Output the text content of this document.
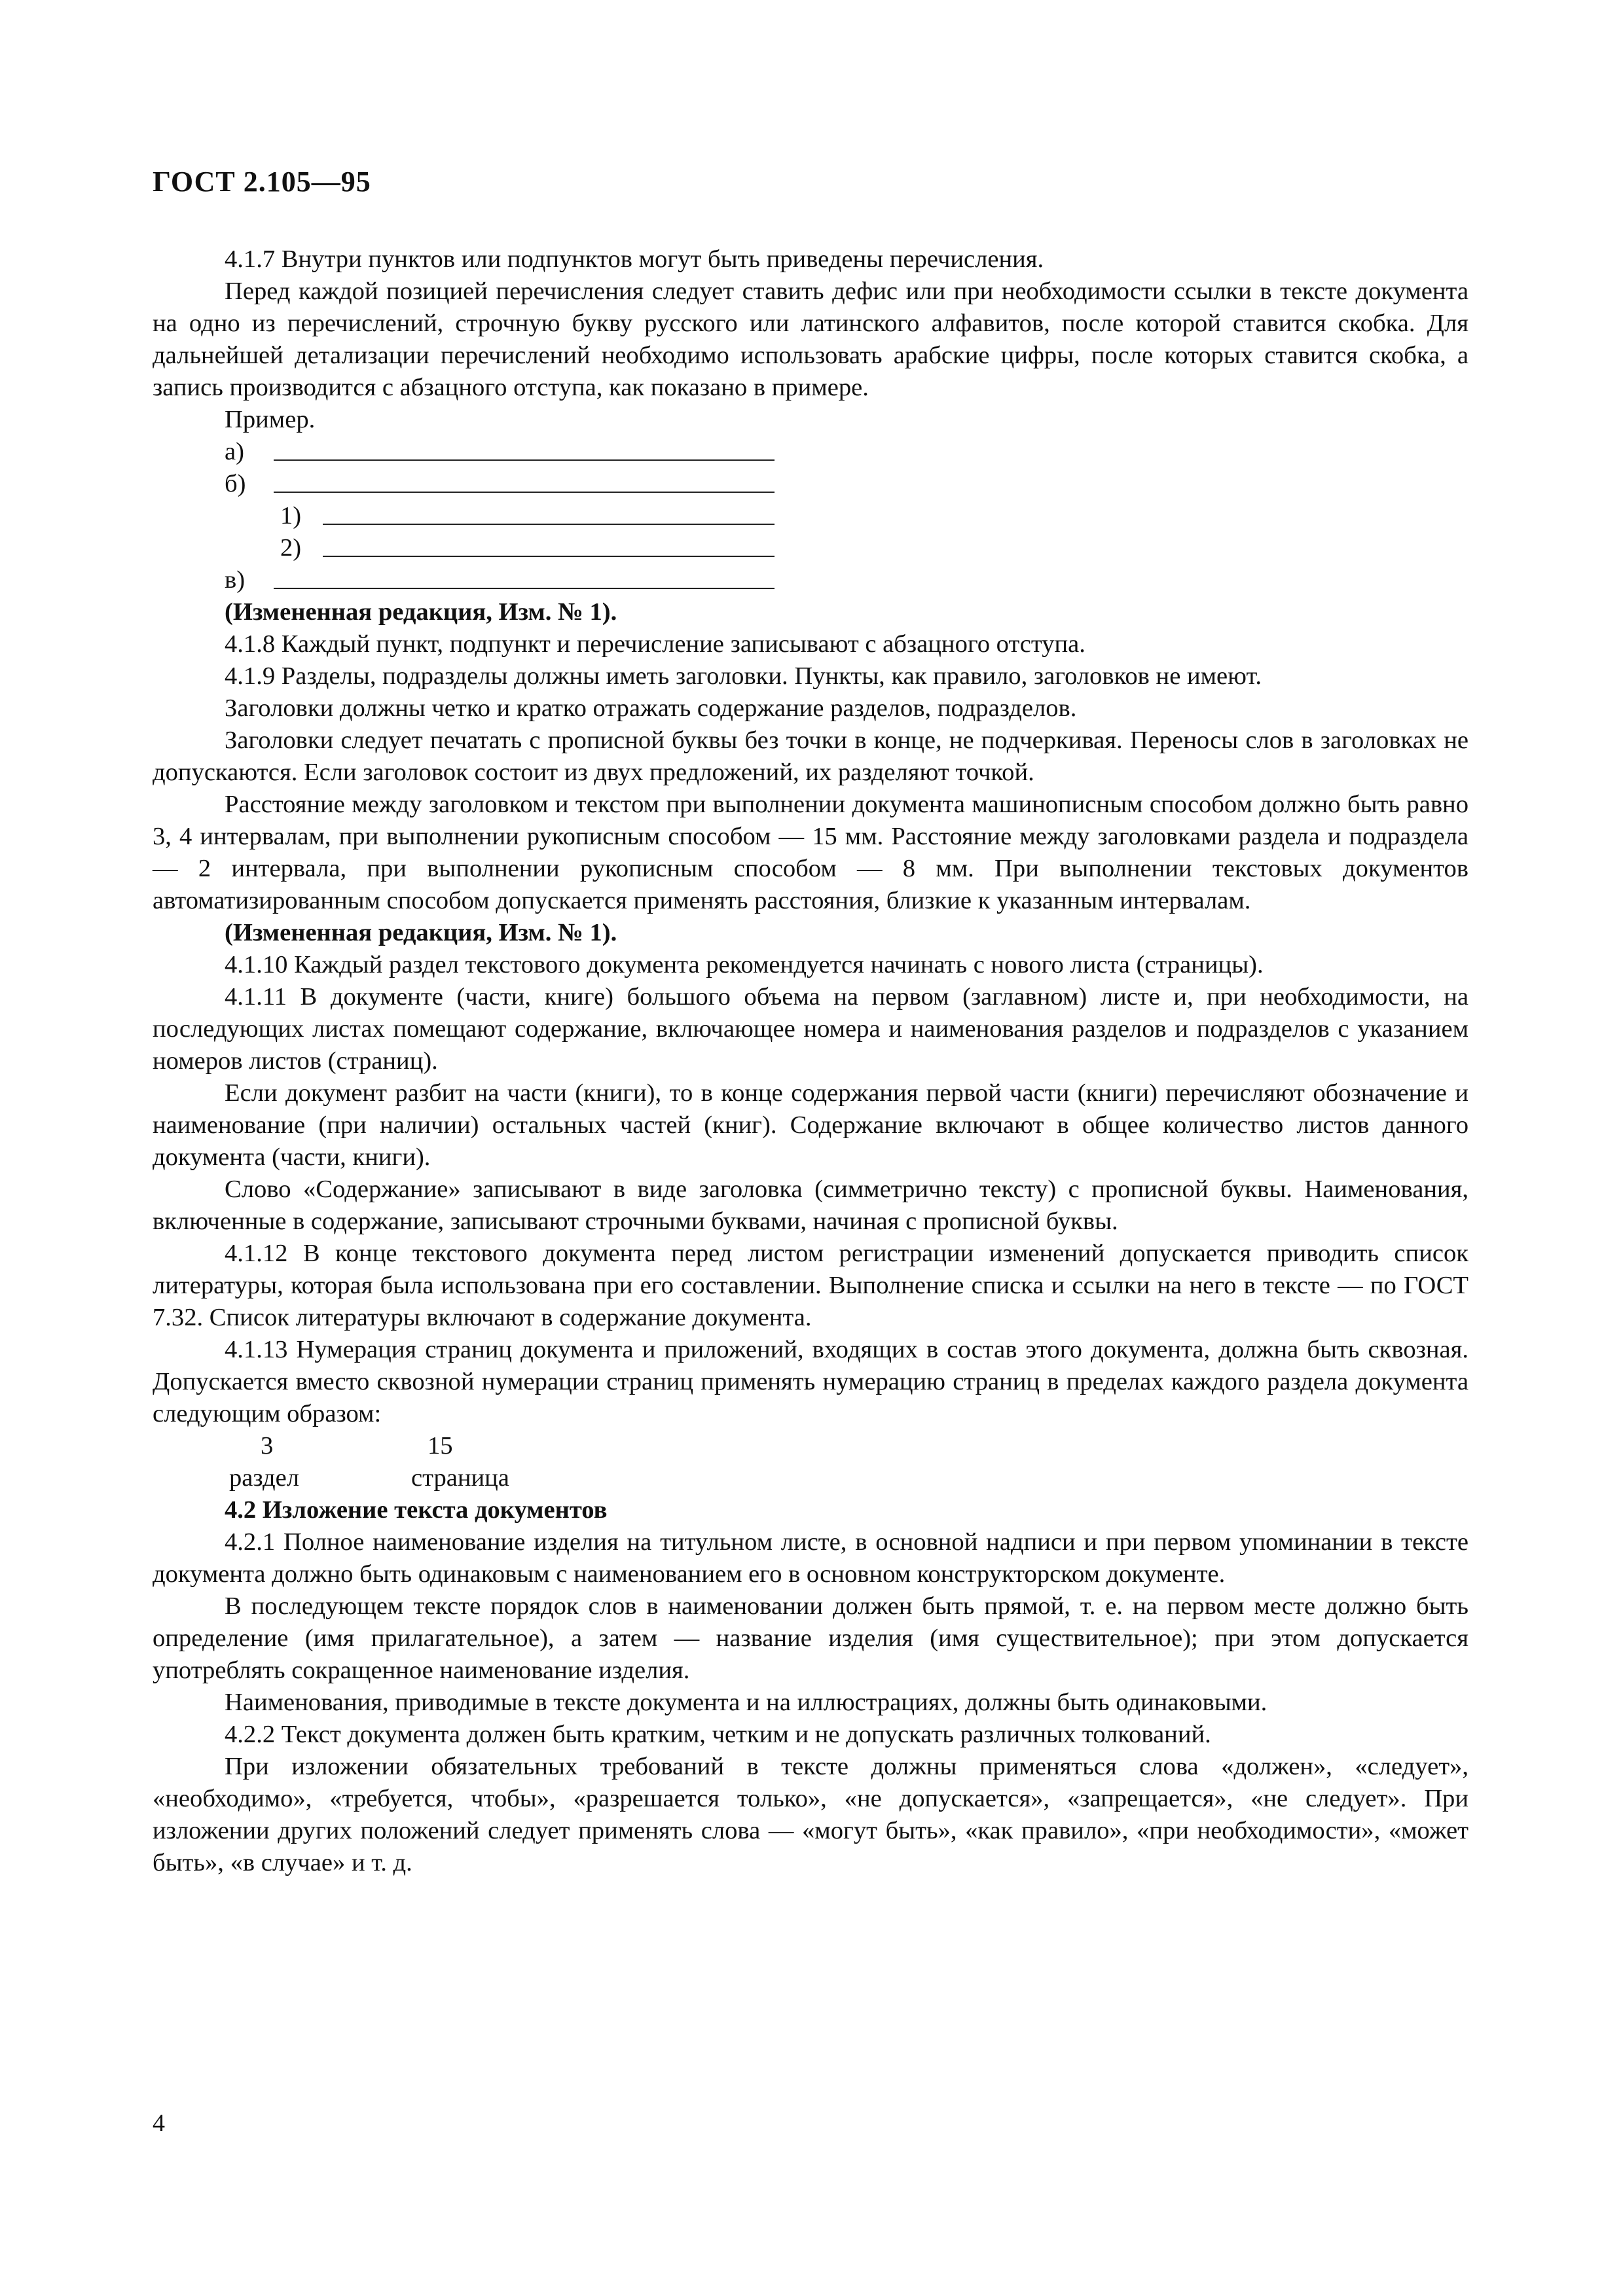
ГОСТ 2.105—95

4.1.7 Внутри пунктов или подпунктов могут быть приведены перечисления.

Перед каждой позицией перечисления следует ставить дефис или при необходимости ссылки в тексте документа на одно из перечислений, строчную букву русского или латинского алфавитов, после которой ставится скобка. Для дальнейшей детализации перечислений необходимо использовать арабские цифры, после которых ставится скобка, а запись производится с абзацного отступа, как показано в примере.

Пример.

а)
б)
1)
2)
в)

(Измененная редакция, Изм. № 1).

4.1.8 Каждый пункт, подпункт и перечисление записывают с абзацного отступа.

4.1.9 Разделы, подразделы должны иметь заголовки. Пункты, как правило, заголовков не имеют.

Заголовки должны четко и кратко отражать содержание разделов, подразделов.

Заголовки следует печатать с прописной буквы без точки в конце, не подчеркивая. Переносы слов в заголовках не допускаются. Если заголовок состоит из двух предложений, их разделяют точкой.

Расстояние между заголовком и текстом при выполнении документа машинописным способом должно быть равно 3, 4 интервалам, при выполнении рукописным способом — 15 мм. Расстояние между заголовками раздела и подраздела — 2 интервала, при выполнении рукописным способом — 8 мм. При выполнении текстовых документов автоматизированным способом допускается применять расстояния, близкие к указанным интервалам.

(Измененная редакция, Изм. № 1).

4.1.10 Каждый раздел текстового документа рекомендуется начинать с нового листа (страницы).

4.1.11 В документе (части, книге) большого объема на первом (заглавном) листе и, при необходимости, на последующих листах помещают содержание, включающее номера и наименования разделов и подразделов с указанием номеров листов (страниц).

Если документ разбит на части (книги), то в конце содержания первой части (книги) перечисляют обозначение и наименование (при наличии) остальных частей (книг). Содержание включают в общее количество листов данного документа (части, книги).

Слово «Содержание» записывают в виде заголовка (симметрично тексту) с прописной буквы. Наименования, включенные в содержание, записывают строчными буквами, начиная с прописной буквы.

4.1.12 В конце текстового документа перед листом регистрации изменений допускается приводить список литературы, которая была использована при его составлении. Выполнение списка и ссылки на него в тексте — по ГОСТ 7.32. Список литературы включают в содержание документа.

4.1.13 Нумерация страниц документа и приложений, входящих в состав этого документа, должна быть сквозная. Допускается вместо сквозной нумерации страниц применять нумерацию страниц в пределах каждого раздела документа следующим образом:

3	15
раздел	страница

4.2 Изложение текста документов

4.2.1 Полное наименование изделия на титульном листе, в основной надписи и при первом упоминании в тексте документа должно быть одинаковым с наименованием его в основном конструкторском документе.

В последующем тексте порядок слов в наименовании должен быть прямой, т. е. на первом месте должно быть определение (имя прилагательное), а затем — название изделия (имя существительное); при этом допускается употреблять сокращенное наименование изделия.

Наименования, приводимые в тексте документа и на иллюстрациях, должны быть одинаковыми.

4.2.2 Текст документа должен быть кратким, четким и не допускать различных толкований.

При изложении обязательных требований в тексте должны применяться слова «должен», «следует», «необходимо», «требуется, чтобы», «разрешается только», «не допускается», «запрещается», «не следует». При изложении других положений следует применять слова — «могут быть», «как правило», «при необходимости», «может быть», «в случае» и т. д.

4
